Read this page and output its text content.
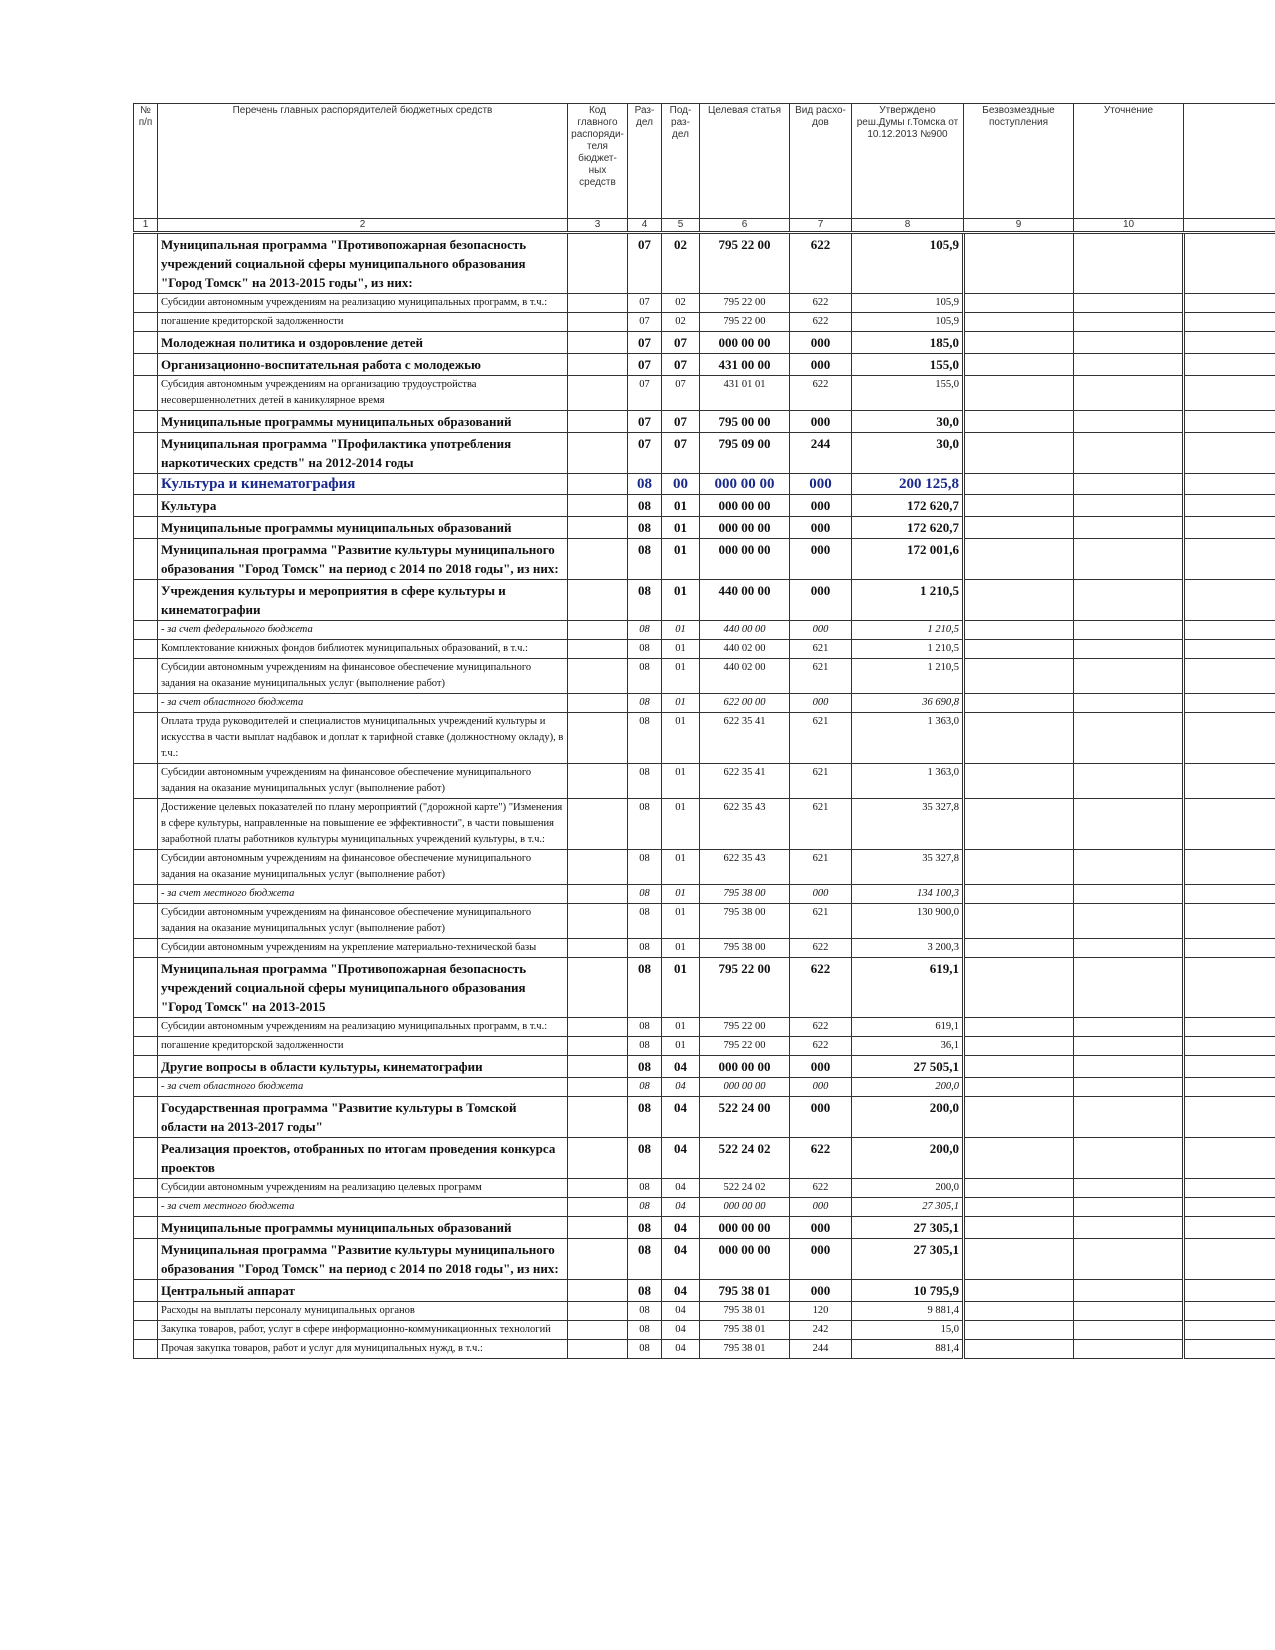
№ п/п	Перечень главных распорядителей бюджетных средств	Код главного распоряди-теля бюджет-ных средств	Раз-дел	Под-раз-дел	Целевая статья	Вид расхо-дов	Утверждено реш.Думы г.Томска от 10.12.2013 №900	Безвозмездные поступления	Уточнение	
1	2	3	4	5	6	7	8	9	10	
	Муниципальная программа "Противопожарная безопасность учреждений социальной сферы муниципального образования "Город Томск" на 2013-2015 годы", из них:		07	02	795 22 00	622	105,9			
	Субсидии автономным учреждениям на реализацию муниципальных программ, в т.ч.:		07	02	795 22 00	622	105,9			
	погашение кредиторской задолженности		07	02	795 22 00	622	105,9			
	Молодежная политика и оздоровление детей		07	07	000 00 00	000	185,0			
	Организационно-воспитательная работа с молодежью		07	07	431 00 00	000	155,0			
	Субсидия автономным учреждениям на организацию трудоустройства несовершеннолетних детей в каникулярное время		07	07	431 01 01	622	155,0			
	Муниципальные программы муниципальных образований		07	07	795 00 00	000	30,0			
	Муниципальная программа "Профилактика употребления наркотических средств" на 2012-2014 годы		07	07	795 09 00	244	30,0			
	Культура и кинематография		08	00	000 00 00	000	200 125,8			
	Культура		08	01	000 00 00	000	172 620,7			
	Муниципальные программы муниципальных образований		08	01	000 00 00	000	172 620,7			
	Муниципальная программа "Развитие культуры муниципального образования "Город Томск" на период с 2014 по 2018 годы", из них:		08	01	000 00 00	000	172 001,6			
	Учреждения культуры и мероприятия в сфере культуры и кинематографии		08	01	440 00 00	000	1 210,5			
	- за счет федерального бюджета		08	01	440 00 00	000	1 210,5			
	Комплектование книжных фондов библиотек муниципальных образований, в т.ч.:		08	01	440 02 00	621	1 210,5			
	Субсидии автономным учреждениям на финансовое обеспечение муниципального задания на оказание муниципальных услуг (выполнение работ)		08	01	440 02 00	621	1 210,5			
	- за счет областного бюджета		08	01	622 00 00	000	36 690,8			
	Оплата труда руководителей и специалистов муниципальных учреждений культуры и искусства в части выплат надбавок и доплат к тарифной ставке (должностному окладу), в т.ч.:		08	01	622 35 41	621	1 363,0			
	Субсидии автономным учреждениям на финансовое обеспечение муниципального задания на оказание муниципальных услуг (выполнение работ)		08	01	622 35 41	621	1 363,0			
	Достижение целевых показателей по плану мероприятий ("дорожной карте") "Изменения в сфере культуры, направленные на повышение ее эффективности", в части повышения заработной платы работников культуры муниципальных учреждений культуры, в т.ч.:		08	01	622 35 43	621	35 327,8			
	Субсидии автономным учреждениям на финансовое обеспечение муниципального задания на оказание муниципальных услуг (выполнение работ)		08	01	622 35 43	621	35 327,8			
	- за счет местного бюджета		08	01	795 38 00	000	134 100,3			
	Субсидии автономным учреждениям на финансовое обеспечение муниципального задания на оказание муниципальных услуг (выполнение работ)		08	01	795 38 00	621	130 900,0			
	Субсидии автономным учреждениям на укрепление материально-технической базы		08	01	795 38 00	622	3 200,3			
	Муниципальная программа "Противопожарная безопасность учреждений социальной сферы муниципального образования "Город Томск" на 2013-2015		08	01	795 22 00	622	619,1			
	Субсидии автономным учреждениям на реализацию муниципальных программ, в т.ч.:		08	01	795 22 00	622	619,1			
	погашение кредиторской задолженности		08	01	795 22 00	622	36,1			
	Другие вопросы в области культуры, кинематографии		08	04	000 00 00	000	27 505,1			
	- за счет областного бюджета		08	04	000 00 00	000	200,0			
	Государственная программа "Развитие культуры в Томской области на 2013-2017 годы"		08	04	522 24 00	000	200,0			
	Реализация проектов, отобранных по итогам проведения конкурса проектов		08	04	522 24 02	622	200,0			
	Субсидии автономным учреждениям на реализацию целевых программ		08	04	522 24 02	622	200,0			
	- за счет местного бюджета		08	04	000 00 00	000	27 305,1			
	Муниципальные программы муниципальных образований		08	04	000 00 00	000	27 305,1			
	Муниципальная программа "Развитие культуры муниципального образования "Город Томск" на период с 2014 по 2018 годы", из них:		08	04	000 00 00	000	27 305,1			
	Центральный аппарат		08	04	795 38 01	000	10 795,9			
	Расходы на выплаты персоналу муниципальных органов		08	04	795 38 01	120	9 881,4			
	Закупка товаров, работ, услуг в сфере информационно-коммуникационных технологий		08	04	795 38 01	242	15,0			
	Прочая закупка товаров, работ и услуг для муниципальных нужд, в т.ч.:		08	04	795 38 01	244	881,4			
